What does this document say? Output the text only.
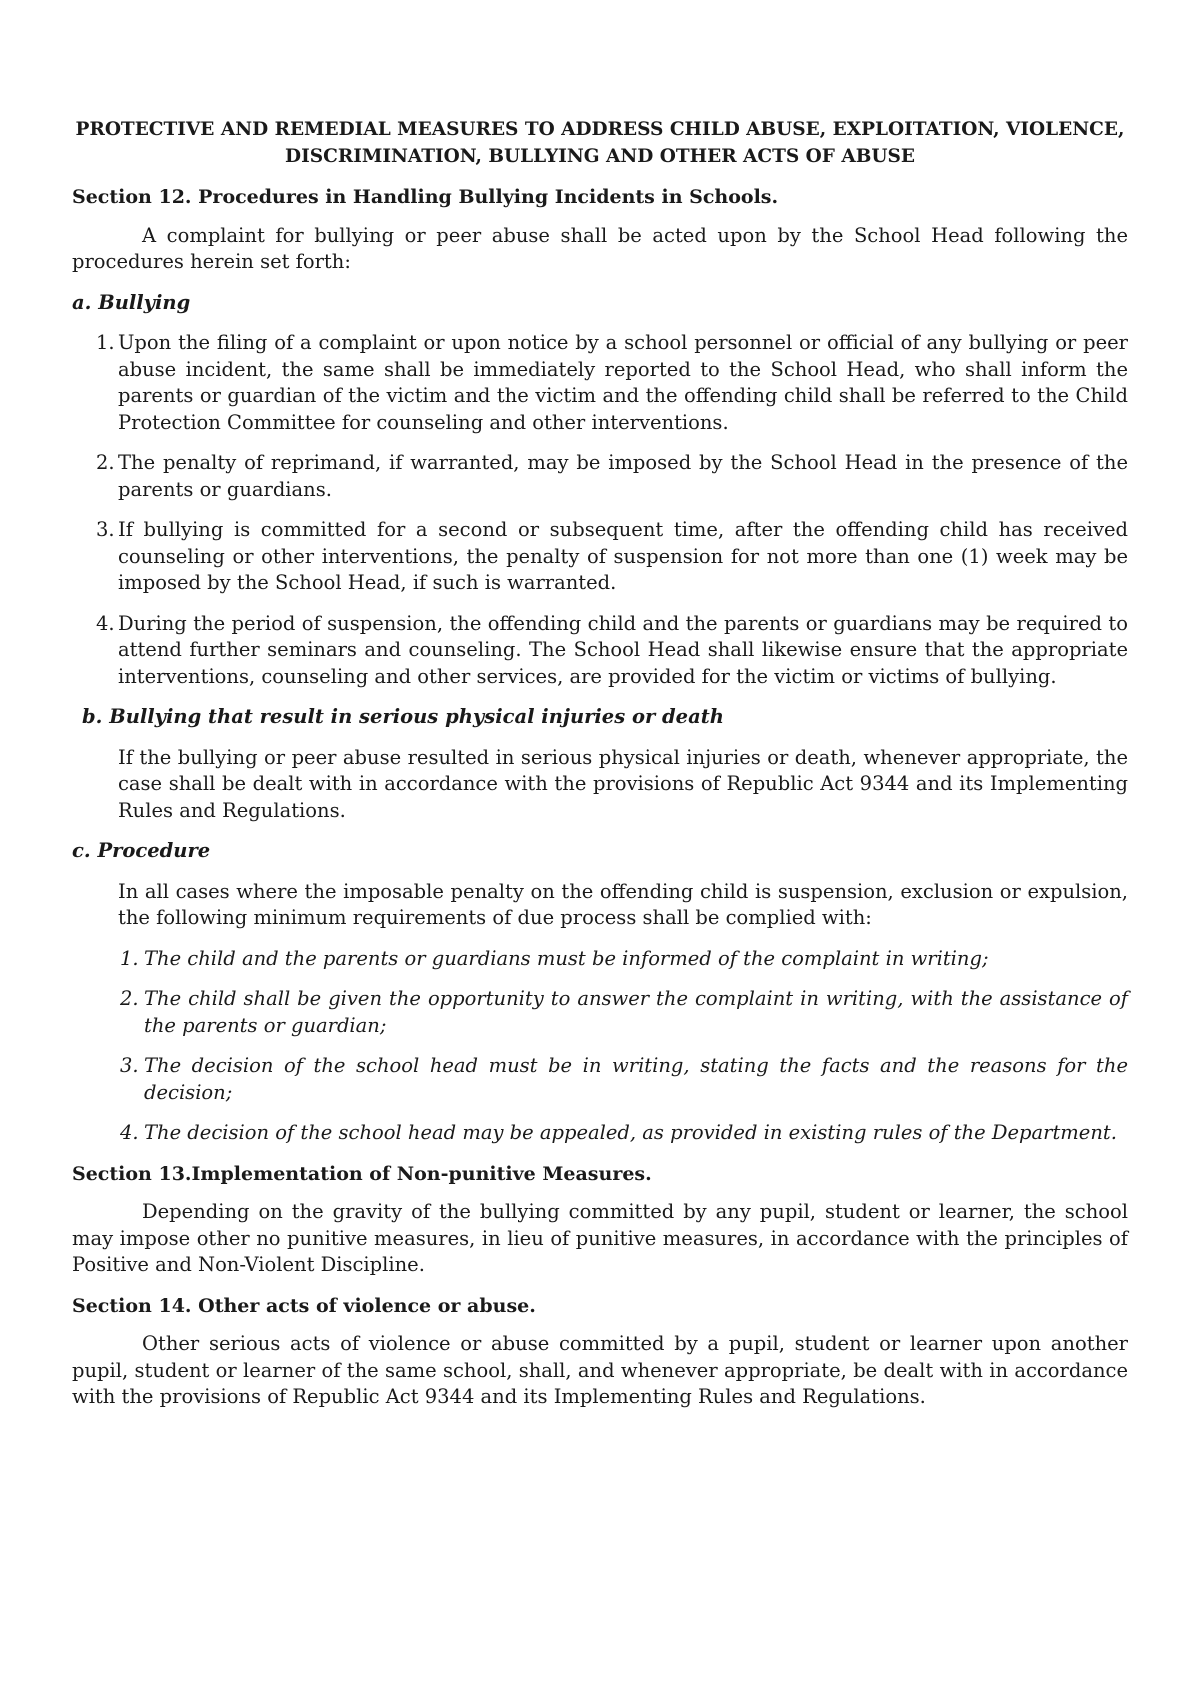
PROTECTIVE AND REMEDIAL MEASURES TO ADDRESS CHILD ABUSE, EXPLOITATION, VIOLENCE, DISCRIMINATION, BULLYING AND OTHER ACTS OF ABUSE
Section 12. Procedures in Handling Bullying Incidents in Schools.
A complaint for bullying or peer abuse shall be acted upon by the School Head following the procedures herein set forth:
a. Bullying
1. Upon the filing of a complaint or upon notice by a school personnel or official of any bullying or peer abuse incident, the same shall be immediately reported to the School Head, who shall inform the parents or guardian of the victim and the victim and the offending child shall be referred to the Child Protection Committee for counseling and other interventions.
2. The penalty of reprimand, if warranted, may be imposed by the School Head in the presence of the parents or guardians.
3. If bullying is committed for a second or subsequent time, after the offending child has received counseling or other interventions, the penalty of suspension for not more than one (1) week may be imposed by the School Head, if such is warranted.
4. During the period of suspension, the offending child and the parents or guardians may be required to attend further seminars and counseling. The School Head shall likewise ensure that the appropriate interventions, counseling and other services, are provided for the victim or victims of bullying.
b. Bullying that result in serious physical injuries or death
If the bullying or peer abuse resulted in serious physical injuries or death, whenever appropriate, the case shall be dealt with in accordance with the provisions of Republic Act 9344 and its Implementing Rules and Regulations.
c. Procedure
In all cases where the imposable penalty on the offending child is suspension, exclusion or expulsion, the following minimum requirements of due process shall be complied with:
1. The child and the parents or guardians must be informed of the complaint in writing;
2. The child shall be given the opportunity to answer the complaint in writing, with the assistance of the parents or guardian;
3. The decision of the school head must be in writing, stating the facts and the reasons for the decision;
4. The decision of the school head may be appealed, as provided in existing rules of the Department.
Section 13.Implementation of Non-punitive Measures.
Depending on the gravity of the bullying committed by any pupil, student or learner, the school may impose other no punitive measures, in lieu of punitive measures, in accordance with the principles of Positive and Non-Violent Discipline.
Section 14. Other acts of violence or abuse.
Other serious acts of violence or abuse committed by a pupil, student or learner upon another pupil, student or learner of the same school, shall, and whenever appropriate, be dealt with in accordance with the provisions of Republic Act 9344 and its Implementing Rules and Regulations.
